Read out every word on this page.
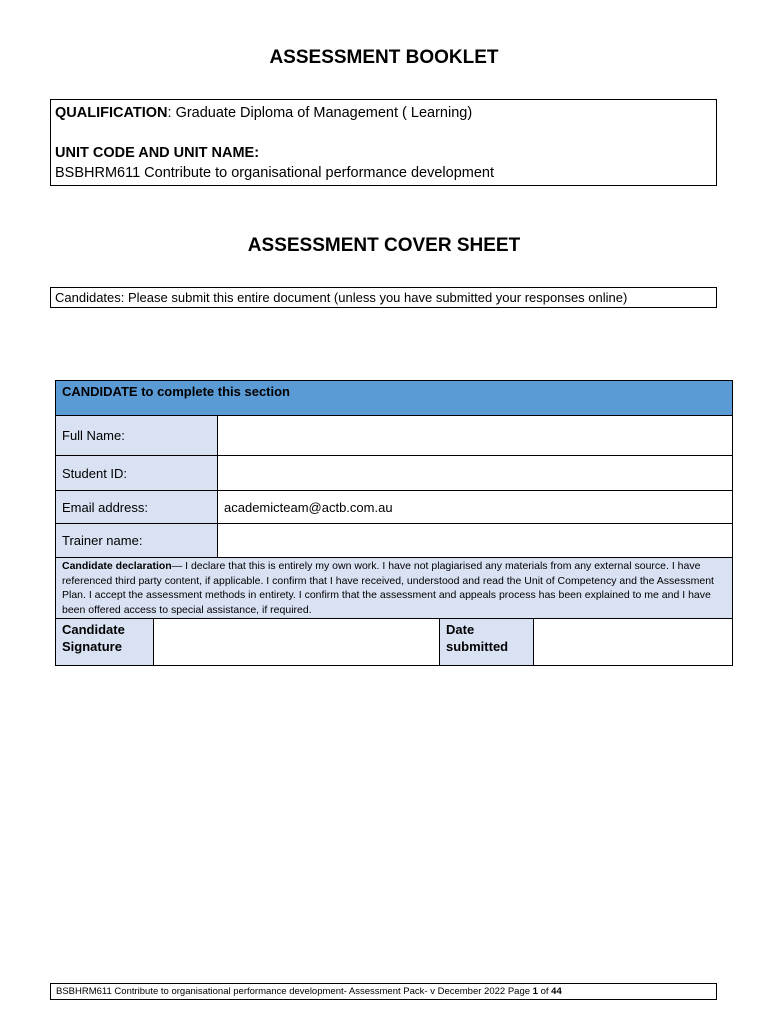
ASSESSMENT BOOKLET
QUALIFICATION: Graduate Diploma of Management ( Learning)
UNIT CODE AND UNIT NAME:
BSBHRM611 Contribute to organisational performance development
ASSESSMENT COVER SHEET
Candidates: Please submit this entire document (unless you have submitted your responses online)
CANDIDATE to complete this section				
Full Name:				
Student ID:				
Email address:		academicteam@actb.com.au		
Trainer name:				
Candidate declaration— I declare that this is entirely my own work. I have not plagiarised any materials from any external source. I have referenced third party content, if applicable. I confirm that I have received, understood and read the Unit of Competency and the Assessment Plan. I accept the assessment methods in entirety. I confirm that the assessment and appeals process has been explained to me and I have been offered access to special assistance, if required.				
Candidate Signature			Date submitted	
BSBHRM611 Contribute to organisational performance development- Assessment Pack- v December 2022 Page 1 of 44
